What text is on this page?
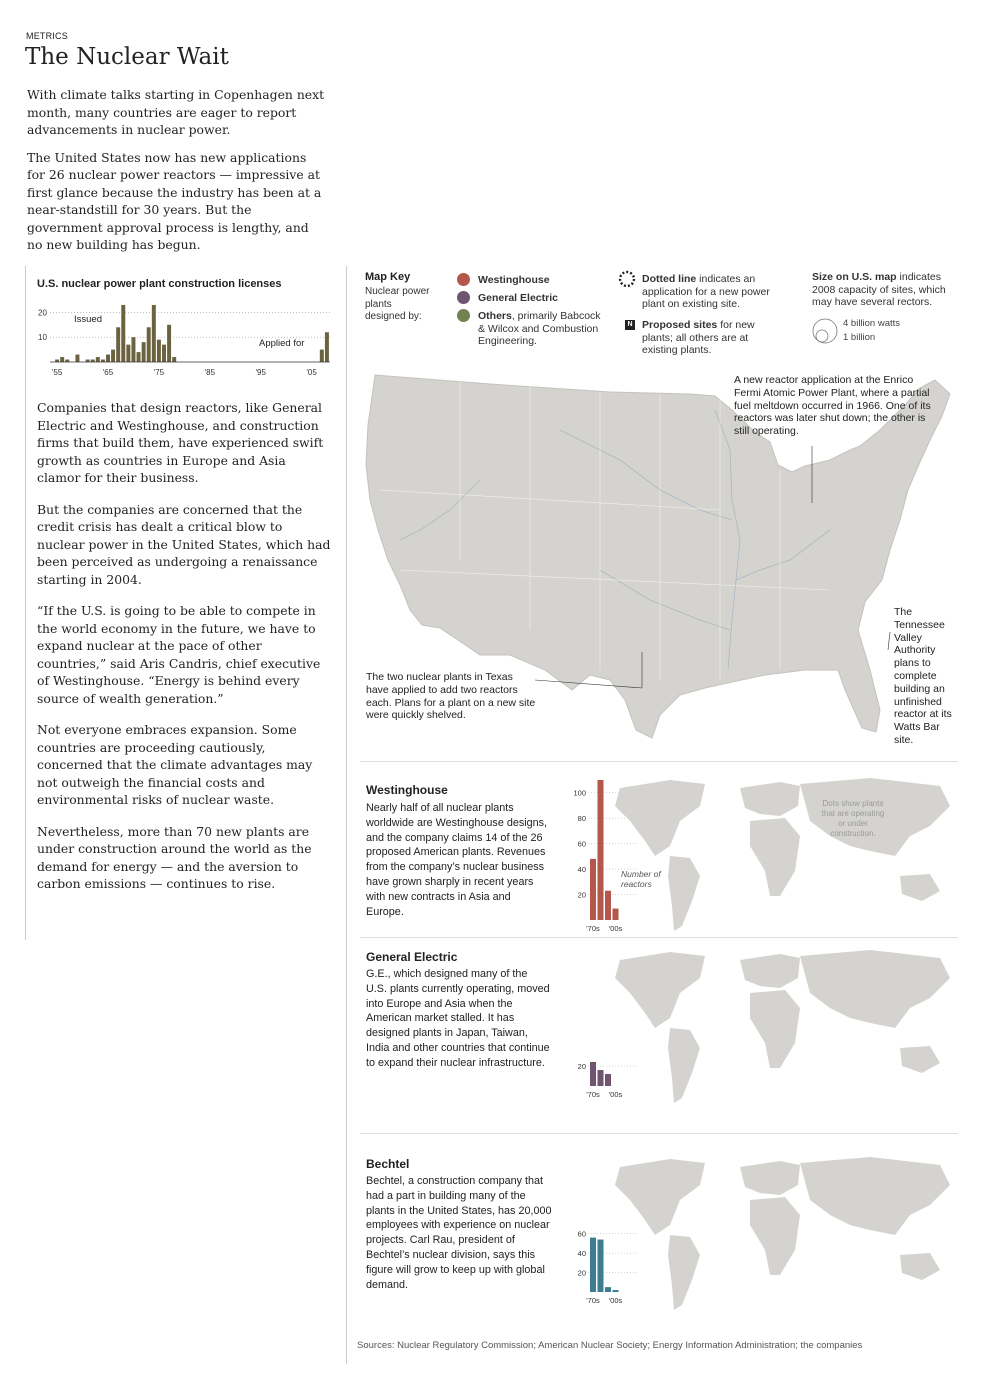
METRICS
The Nuclear Wait

With climate talks starting in Copenhagen next month, many countries are eager to report advancements in nuclear power.

The United States now has new applications for 26 nuclear power reactors — impressive at first glance because the industry has been at a near-standstill for 30 years. But the government approval process is lengthy, and no new building has begun.

U.S. nuclear power plant construction licenses
10
20
'55	'65	'75	'85	'95	'05
Issued
Applied for

Companies that design reactors, like General Electric and Westinghouse, and construction firms that build them, have experienced swift growth as countries in Europe and Asia clamor for their business.

But the companies are concerned that the credit crisis has dealt a critical blow to nuclear power in the United States, which had been perceived as undergoing a renaissance starting in 2004.

“If the U.S. is going to be able to compete in the world economy in the future, we have to expand nuclear at the pace of other countries,” said Aris Candris, chief executive of Westinghouse. “Energy is behind every source of wealth generation.”

Not everyone embraces expansion. Some countries are proceeding cautiously, concerned that the climate advantages may not outweigh the financial costs and environmental risks of nuclear waste.

Nevertheless, more than 70 new plants are under construction around the world as the demand for energy — and the aversion to carbon emissions — continues to rise.

Map Key
Nuclear power plants designed by:
Westinghouse
General Electric
Others, primarily Babcock & Wilcox and Combustion Engineering.
Dotted line indicates an application for a new power plant on existing site.
N Proposed sites for new plants; all others are at existing plants.
Size on U.S. map indicates 2008 capacity of sites, which may have several rectors.
4 billion watts
1 billion
A new reactor application at the Enrico Fermi Atomic Power Plant, where a partial fuel meltdown occurred in 1966. One of its reactors was later shut down; the other is still operating.
The two nuclear plants in Texas have applied to add two reactors each. Plans for a plant on a new site were quickly shelved.
The Tennessee Valley Authority plans to complete building an unfinished reactor at its Watts Bar site.
Westinghouse
Nearly half of all nuclear plants worldwide are Westinghouse designs, and the company claims 14 of the 26 proposed American plants. Revenues from the company’s nuclear business have grown sharply in recent years with new contracts in Asia and Europe.
20
40
60
80
100
'70s '00s
Number of reactors
Dots show plants that are operating or under construction.
General Electric
G.E., which designed many of the U.S. plants currently operating, moved into Europe and Asia when the American market stalled. It has designed plants in Japan, Taiwan, India and other countries that continue to expand their nuclear infrastructure.	20
'70s '00s
Bechtel
Bechtel, a construction company that had a part in building many of the plants in the United States, has 20,000 employees with experience on nuclear projects. Carl Rau, president of Bechtel’s nuclear division, says this figure will grow to keep up with global demand.
20
40
60
'70s '00s
Sources: Nuclear Regulatory Commission; American Nuclear Society; Energy Information Administration; the companies
